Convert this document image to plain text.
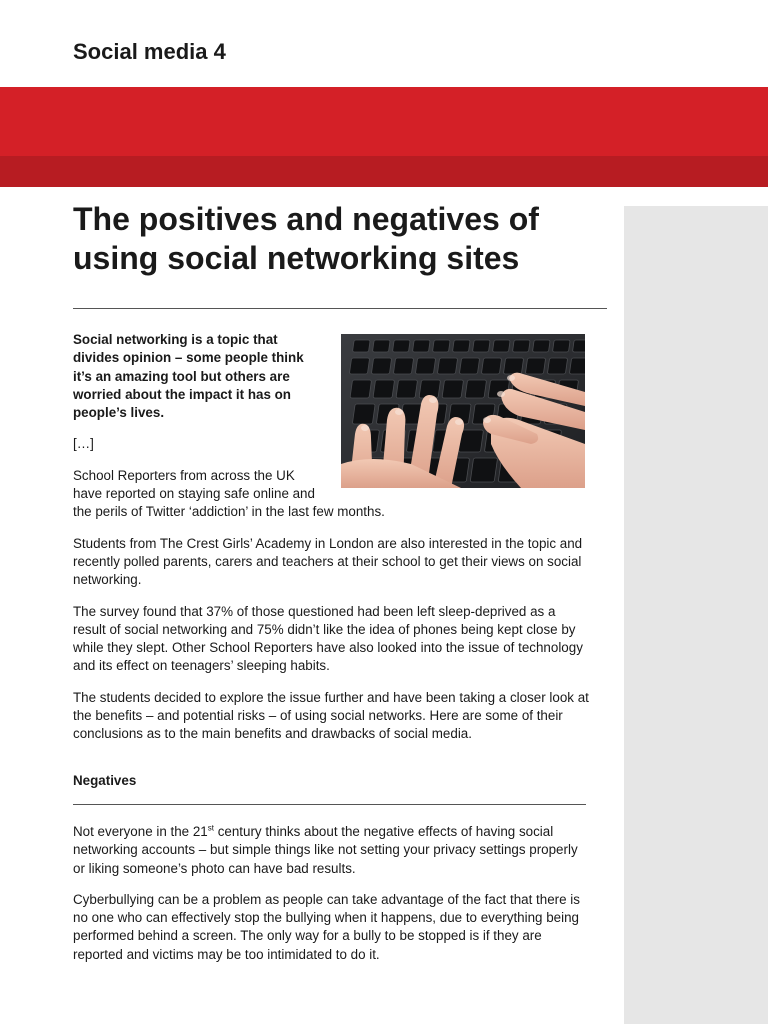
Social media 4
The positives and negatives of using social networking sites

Social networking is a topic that divides opinion – some people think it’s an amazing tool but others are worried about the impact it has on people’s lives.

[…]

School Reporters from across the UK have reported on staying safe online and the perils of Twitter ‘addiction’ in the last few months.

Students from The Crest Girls’ Academy in London are also interested in the topic and recently polled parents, carers and teachers at their school to get their views on social networking.

The survey found that 37% of those questioned had been left sleep-deprived as a result of social networking and 75% didn’t like the idea of phones being kept close by while they slept. Other School Reporters have also looked into the issue of technology and its effect on teenagers’ sleeping habits.

The students decided to explore the issue further and have been taking a closer look at the benefits – and potential risks – of using social networks. Here are some of their conclusions as to the main benefits and drawbacks of social media.

Negatives

Not everyone in the 21st century thinks about the negative effects of having social networking accounts – but simple things like not setting your privacy settings properly or liking someone’s photo can have bad results.

Cyberbullying can be a problem as people can take advantage of the fact that there is no one who can effectively stop the bullying when it happens, due to everything being performed behind a screen. The only way for a bully to be stopped is if they are reported and victims may be too intimidated to do it.
